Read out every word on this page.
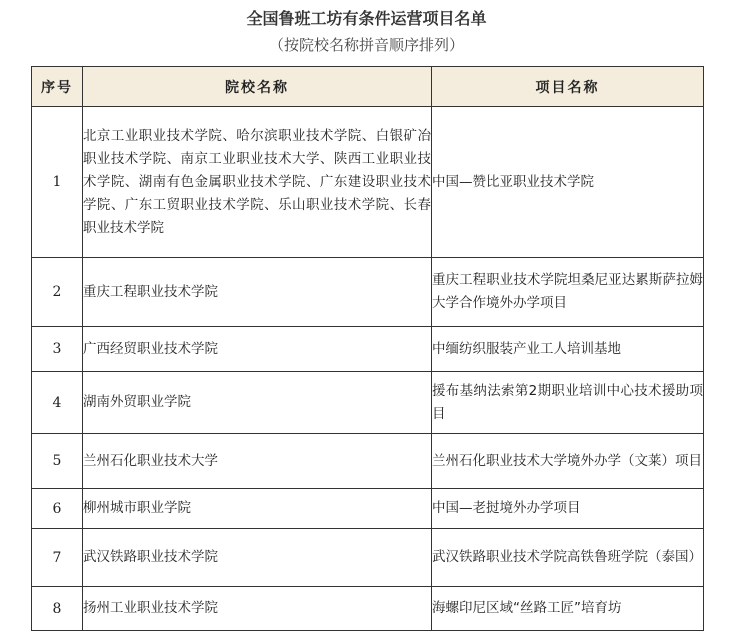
全国鲁班工坊有条件运营项目名单
（按院校名称拼音顺序排列）
序号	院校名称	项目名称
1	北京工业职业技术学院、哈尔滨职业技术学院、白银矿冶职业技术学院、南京工业职业技术大学、陕西工业职业技术学院、湖南有色金属职业技术学院、广东建设职业技术学院、广东工贸职业技术学院、乐山职业技术学院、长春职业技术学院	中国—赞比亚职业技术学院
2	重庆工程职业技术学院	重庆工程职业技术学院坦桑尼亚达累斯萨拉姆大学合作境外办学项目
3	广西经贸职业技术学院	中缅纺织服装产业工人培训基地
4	湖南外贸职业学院	援布基纳法索第2期职业培训中心技术援助项目
5	兰州石化职业技术大学	兰州石化职业技术大学境外办学（文莱）项目
6	柳州城市职业学院	中国—老挝境外办学项目
7	武汉铁路职业技术学院	武汉铁路职业技术学院高铁鲁班学院（泰国）
8	扬州工业职业技术学院	海螺印尼区域“丝路工匠”培育坊
